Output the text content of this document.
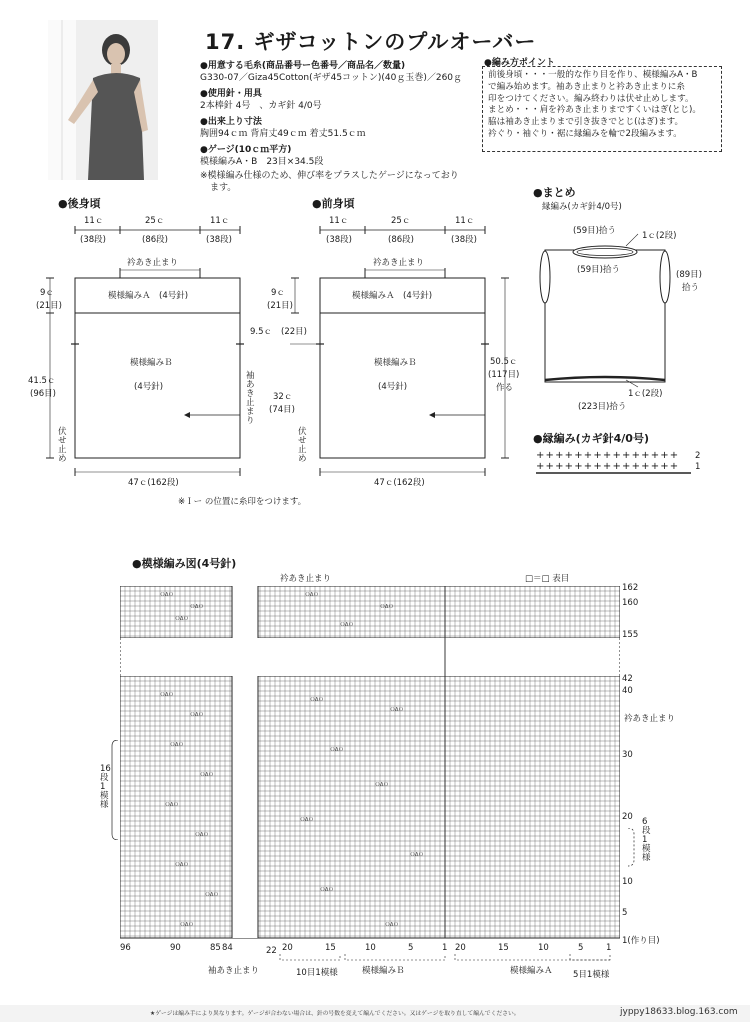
17. ギザコットンのプルオーバー
●用意する毛糸(商品番号ー色番号／商品名／数量)
G330-07／Giza45Cotton(ギザ45コットン)(40ｇ玉巻)／260ｇ
●使用針・用具
2本棒針 4号　、カギ針 4/0号
●出来上り寸法
胸囲94ｃｍ 背肩丈49ｃｍ 着丈51.5ｃｍ
●ゲージ(10ｃｍ平方)
模様編みA・B　23目×34.5段
※模様編み仕様のため、伸び率をプラスしたゲージになっており
ます。
●編み方ポイント
前後身頃・・・一般的な作り目を作り、模様編みA・B
で編み始めます。袖あき止まりと衿あき止まりに糸
印をつけてください。編み終わりは伏せ止めします。
まとめ・・・肩を衿あき止まりまですくいはぎ(とじ)。
脇は袖あき止まりまで引き抜きでとじ(はぎ)ます。
衿ぐり・袖ぐり・裾に縁編みを輪で2段編みます。
●後身頃
11ｃ	25ｃ	11ｃ
(38段)	(86段)	(38段)
衿あき止まり
模様編みＡ　(4号針)
模様編みＢ
(4号針)
9ｃ
(21目)
41.5ｃ
(96目)
伏せ止め
47ｃ(162段)
●前身頃
11ｃ	25ｃ	11ｃ
(38段)	(86段)	(38段)
衿あき止まり
模様編みＡ　(4号針)
模様編みＢ
(4号針)
9ｃ
(21目)
9.5ｃ (22目)
32ｃ
(74目)
袖あき止まり
伏せ止め
50.5ｃ
(117目)
作る
47ｃ(162段)
※Ｉー の位置に糸印をつけます。
●まとめ
縁編み(カギ針4/0号)
(59目)拾う
(59目)拾う
1ｃ(2段)
(89目)
拾う
1ｃ(2段)
(223目)拾う
●縁編み(カギ針4/0号)
+ + + + + + + + + + + + + + +
+ + + + + + + + + + + + + + +
2
1
●模様編み図(4号針)
衿あき止まり	□＝□ 表目
ＯΔＯ
ＯΔＯ
ＯΔＯ
ＯΔＯ
ＯΔＯ
ＯΔＯ
ＯΔＯ
ＯΔＯ
ＯΔＯ
ＯΔＯ
ＯΔＯ
ＯΔＯ
ＯΔＯ
ＯΔＯ
ＯΔＯ
ＯΔＯ
ＯΔＯ
ＯΔＯ
ＯΔＯ
ＯΔＯ
ＯΔＯ
ＯΔＯ
ＯΔＯ
162
160
155
42
40
30
20
10
5
1(作り目)
衿あき止まり
6段1模様
16段1模様
96	90	85 84	22 20	15	10	5	1 20	15	10	5	1
袖あき止まり	10目1模様	模様編みＢ	模様編みＡ 5目1模様
★ゲージは編み手により異なります。ゲージが合わない場合は、針の号数を変えて編んでください。又はゲージを取り直して編んでください。	jyppy18633.blog.163.com
